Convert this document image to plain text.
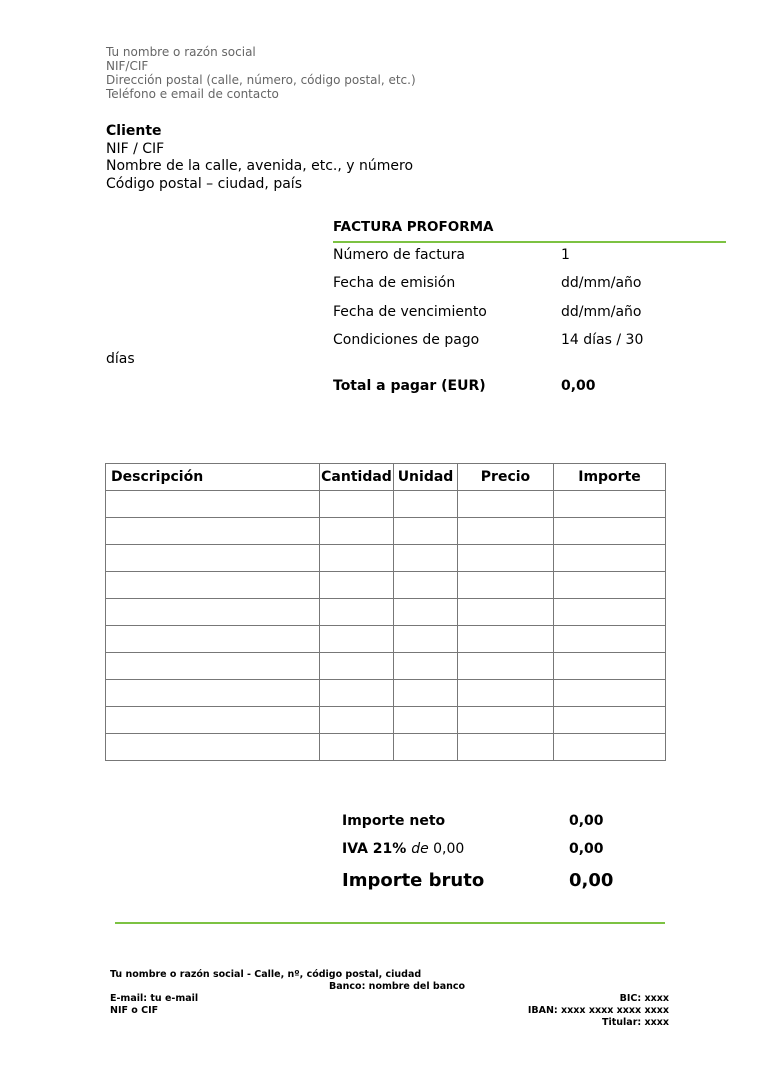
Tu nombre o razón social
NIF/CIF
Dirección postal (calle, número, código postal, etc.)
Teléfono e email de contacto
Cliente
NIF / CIF
Nombre de la calle, avenida, etc., y número
Código postal – ciudad, país
FACTURA PROFORMA
Número de factura	1
Fecha de emisión	dd/mm/año
Fecha de vencimiento	dd/mm/año
Condiciones de pago	14 días / 30
días
Total a pagar (EUR)	0,00
Descripción	Cantidad	Unidad	Precio	Importe

Importe neto	0,00
IVA 21% de 0,00	0,00
Importe bruto	0,00
Tu nombre o razón social - Calle, nº, código postal, ciudad
Banco: nombre del banco
E-mail: tu e-mail
NIF o CIF
BIC: xxxx
IBAN: xxxx xxxx xxxx xxxx
Titular: xxxx
